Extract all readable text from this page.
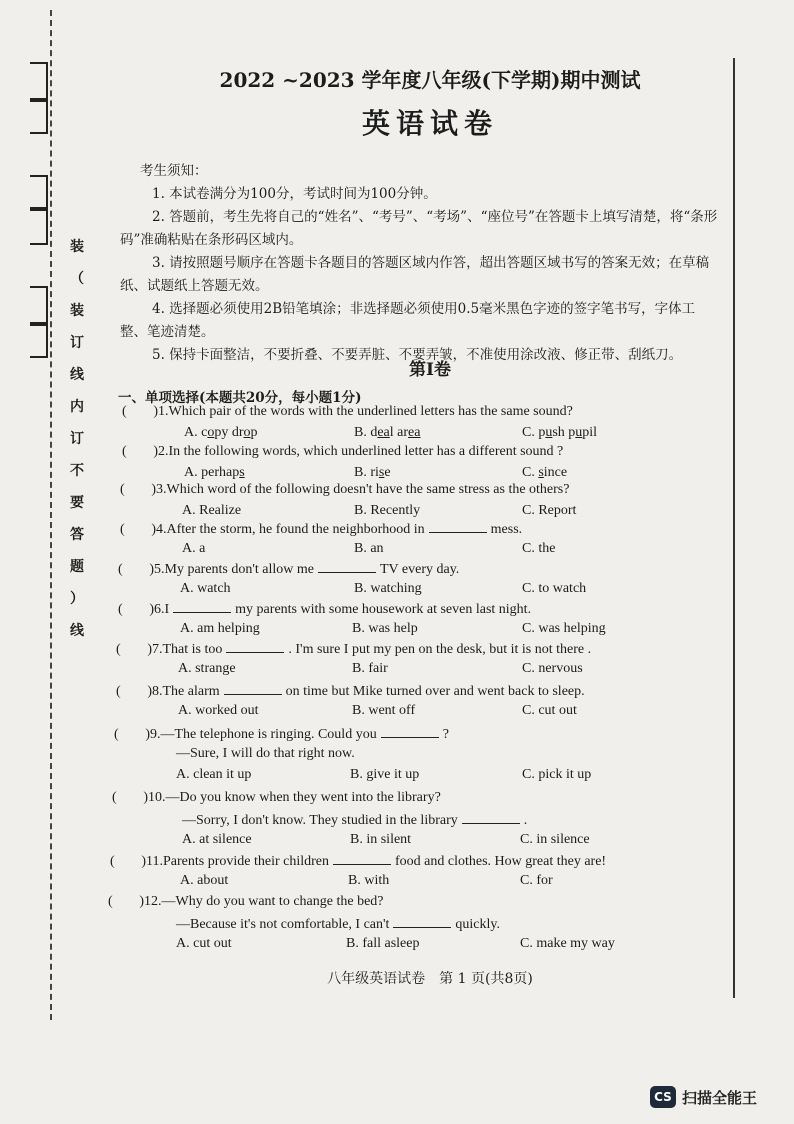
装
（
装
订
线
内
订
不
要
答
题
）
线
2022 ~2023 学年度八年级(下学期)期中测试
英语试卷
考生须知：
1. 本试卷满分为100分，考试时间为100分钟。
2. 答题前，考生先将自己的“姓名”、“考号”、“考场”、“座位号”在答题卡上填写清楚，将“条形码”准确粘贴在条形码区域内。
3. 请按照题号顺序在答题卡各题目的答题区域内作答，超出答题区域书写的答案无效；在草稿纸、试题纸上答题无效。
4. 选择题必须使用2B铅笔填涂；非选择题必须使用0.5毫米黑色字迹的签字笔书写，字体工整、笔迹清楚。
5. 保持卡面整洁，不要折叠、不要弄脏、不要弄皱，不准使用涂改液、修正带、刮纸刀。
第Ⅰ卷
一、单项选择(本题共20分，每小题1分)
( ) 1.Which pair of the words with the underlined letters has the same sound?
A. copy drop	B. deal area	C. push pupil
( ) 2.In the following words, which underlined letter has a different sound ?
A. perhaps	B. rise	C. since
( ) 3.Which word of the following doesn't have the same stress as the others?
A. Realize	B. Recently	C. Report
( ) 4.After the storm, he found the neighborhood in	mess.
A. a	B. an	C. the
( ) 5.My parents don't allow me	TV every day.
A. watch	B. watching	C. to watch
( ) 6.I	my parents with some housework at seven last night.
A. am helping	B. was help	C. was helping
( ) 7.That is too	. I'm sure I put my pen on the desk, but it is not there .
A. strange	B. fair	C. nervous
( ) 8.The alarm	on time but Mike turned over and went back to sleep.
A. worked out	B. went off	C. cut out
( ) 9.—The telephone is ringing. Could you	?
—Sure, I will do that right now.
A. clean it up	B. give it up	C. pick it up
( ) 10.—Do you know when they went into the library?
—Sorry, I don't know. They studied in the library	.
A. at silence	B. in silent	C. in silence
( ) 11.Parents provide their children	food and clothes. How great they are!
A. about	B. with	C. for
( ) 12.—Why do you want to change the bed?
—Because it's not comfortable, I can't	quickly.
A. cut out	B. fall asleep	C. make my way
八年级英语试卷　第 1 页(共8页)
CS 扫描全能王
